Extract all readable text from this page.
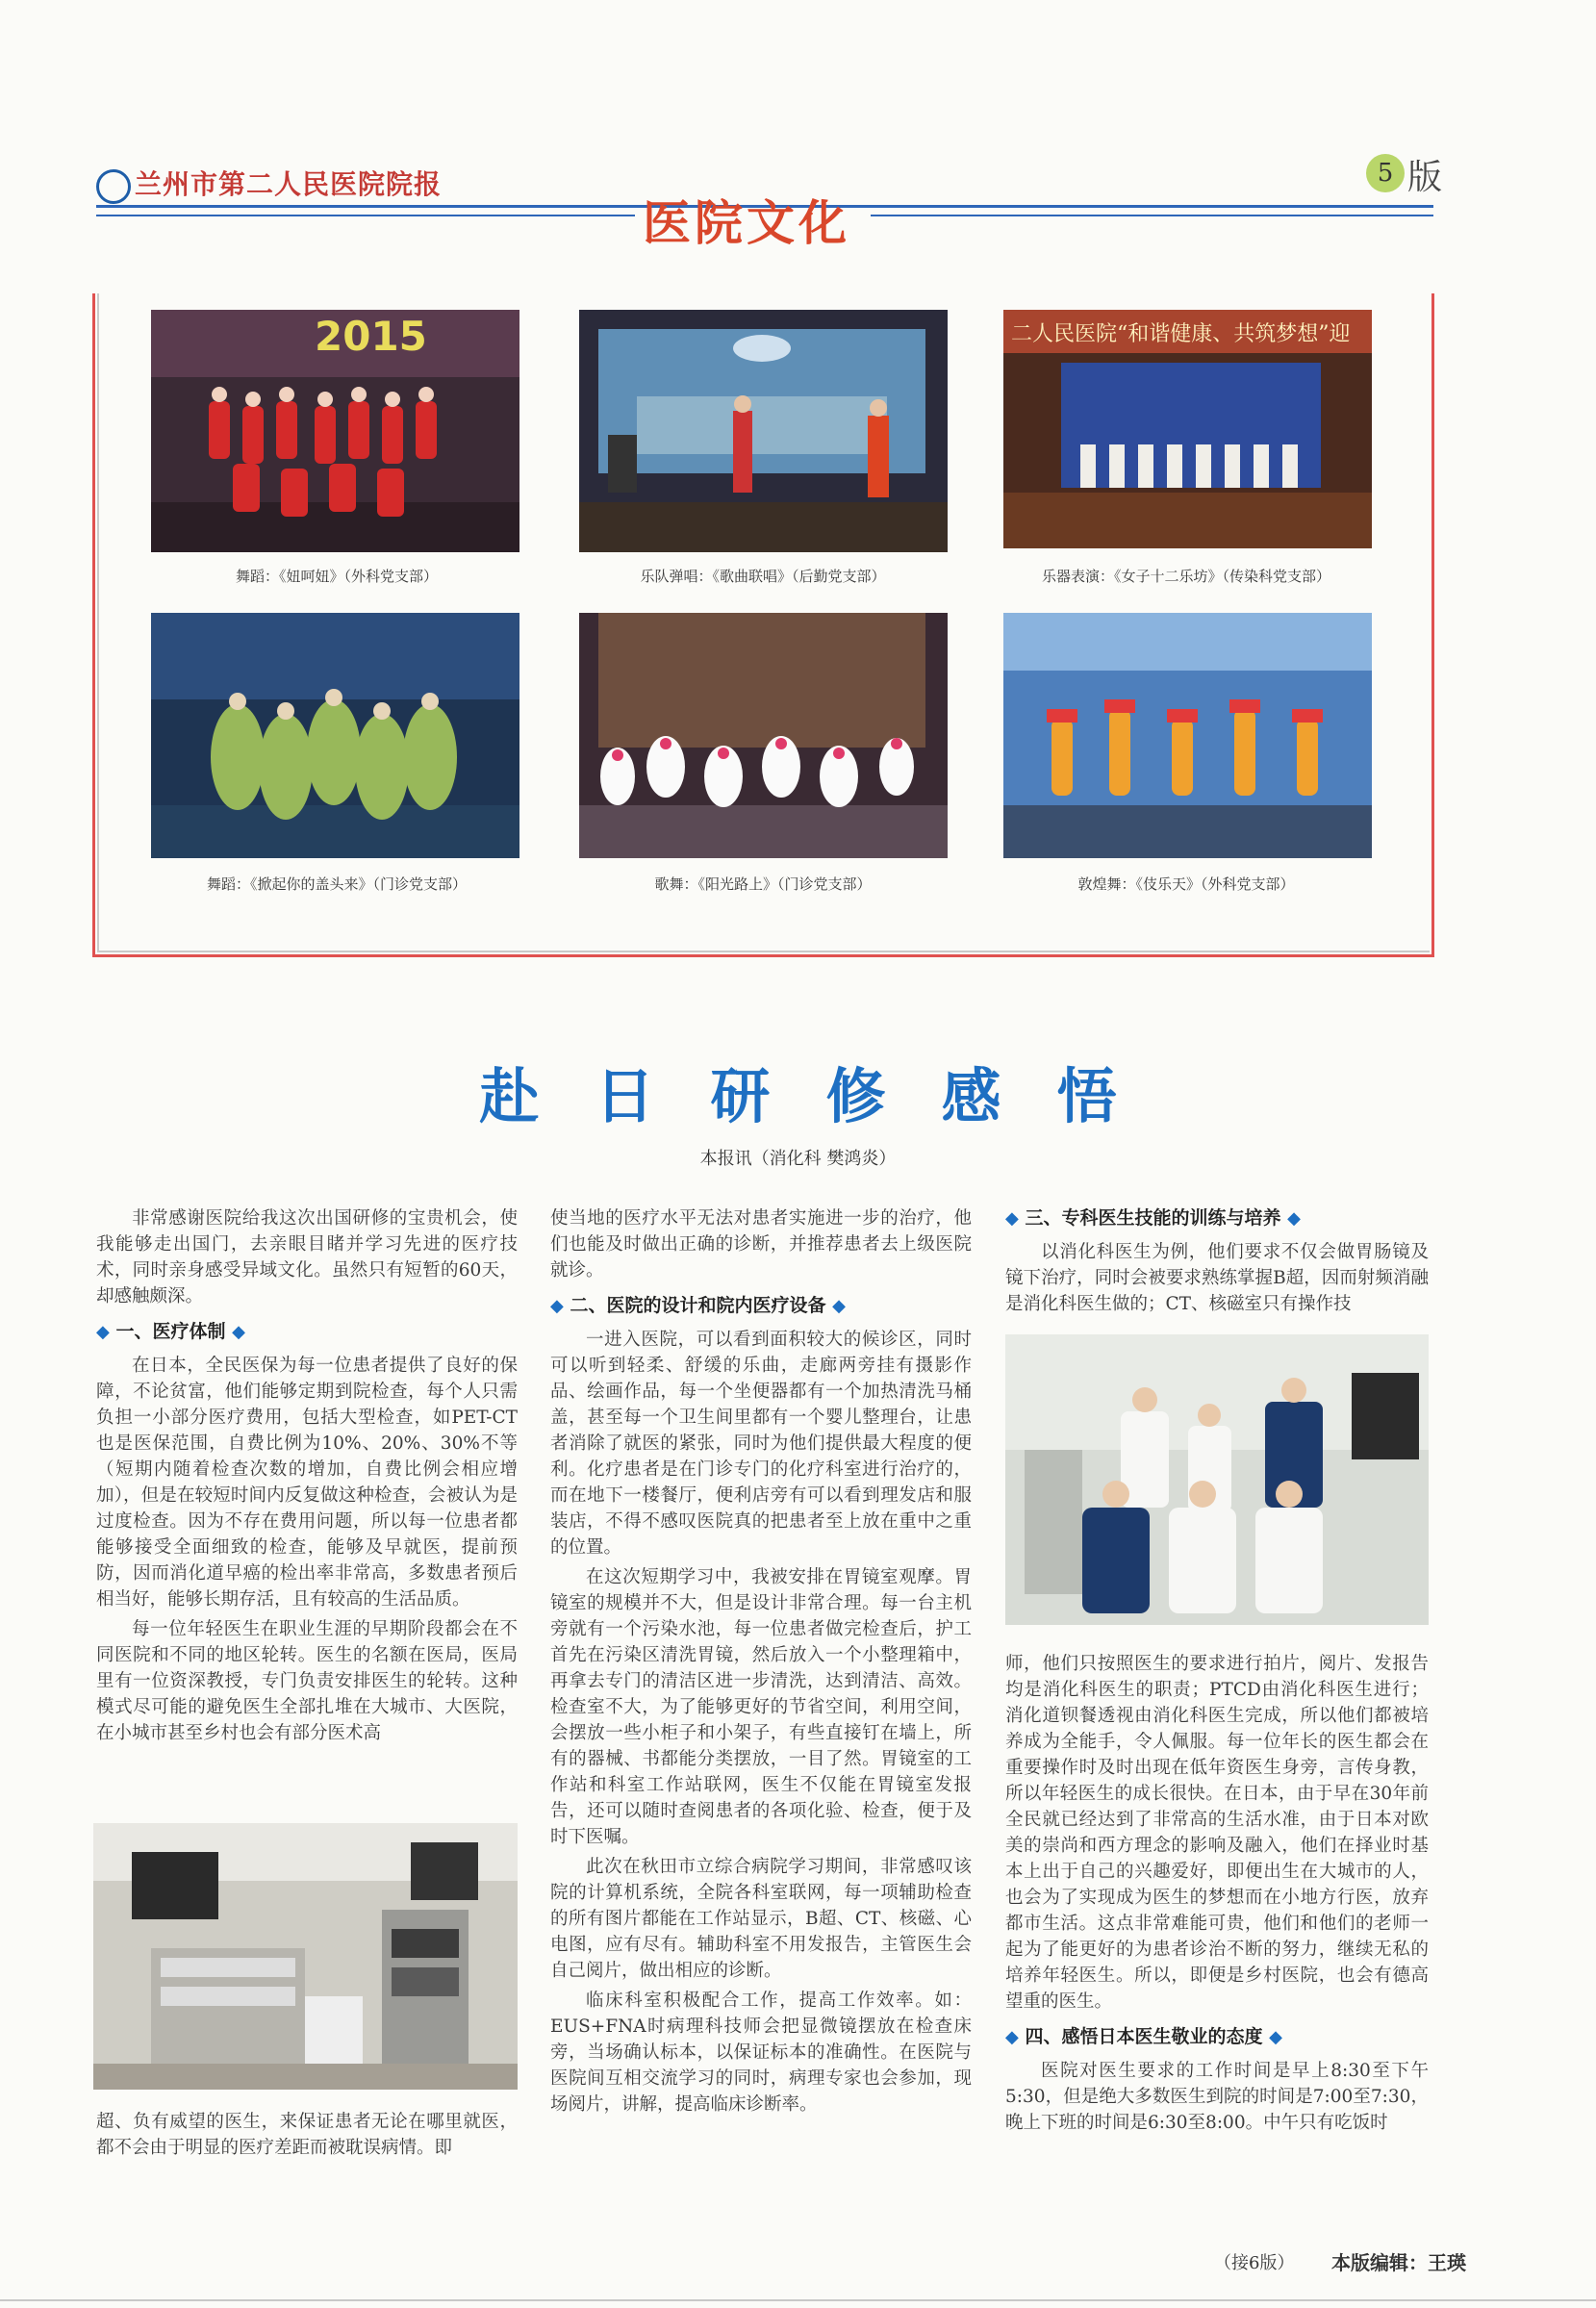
兰州市第二人民医院院报	5 版
医院文化
2015
舞蹈：《妞呵妞》（外科党支部）	乐队弹唱：《歌曲联唱》（后勤党支部）
二人民医院“和谐健康、共筑梦想”迎
乐器表演：《女子十二乐坊》（传染科党支部）
舞蹈：《掀起你的盖头来》（门诊党支部）	歌舞：《阳光路上》（门诊党支部）	敦煌舞：《伎乐天》（外科党支部）
赴日研修感悟
本报讯（消化科 樊鸿炎）

非常感谢医院给我这次出国研修的宝贵机会，使我能够走出国门，去亲眼目睹并学习先进的医疗技术，同时亲身感受异域文化。虽然只有短暂的60天，却感触颇深。

◆ 一、医疗体制 ◆

在日本，全民医保为每一位患者提供了良好的保障，不论贫富，他们能够定期到院检查，每个人只需负担一小部分医疗费用，包括大型检查，如PET-CT也是医保范围，自费比例为10%、20%、30%不等（短期内随着检查次数的增加，自费比例会相应增加），但是在较短时间内反复做这种检查，会被认为是过度检查。因为不存在费用问题，所以每一位患者都能够接受全面细致的检查，能够及早就医，提前预防，因而消化道早癌的检出率非常高，多数患者预后相当好，能够长期存活，且有较高的生活品质。

每一位年轻医生在职业生涯的早期阶段都会在不同医院和不同的地区轮转。医生的名额在医局，医局里有一位资深教授，专门负责安排医生的轮转。这种模式尽可能的避免医生全部扎堆在大城市、大医院，在小城市甚至乡村也会有部分医术高

超、负有威望的医生，来保证患者无论在哪里就医，都不会由于明显的医疗差距而被耽误病情。即

使当地的医疗水平无法对患者实施进一步的治疗，他们也能及时做出正确的诊断，并推荐患者去上级医院就诊。

◆ 二、医院的设计和院内医疗设备 ◆

一进入医院，可以看到面积较大的候诊区，同时可以听到轻柔、舒缓的乐曲，走廊两旁挂有摄影作品、绘画作品，每一个坐便器都有一个加热清洗马桶盖，甚至每一个卫生间里都有一个婴儿整理台，让患者消除了就医的紧张，同时为他们提供最大程度的便利。化疗患者是在门诊专门的化疗科室进行治疗的，而在地下一楼餐厅，便利店旁有可以看到理发店和服装店，不得不感叹医院真的把患者至上放在重中之重的位置。

在这次短期学习中，我被安排在胃镜室观摩。胃镜室的规模并不大，但是设计非常合理。每一台主机旁就有一个污染水池，每一位患者做完检查后，护工首先在污染区清洗胃镜，然后放入一个小整理箱中，再拿去专门的清洁区进一步清洗，达到清洁、高效。检查室不大，为了能够更好的节省空间，利用空间，会摆放一些小柜子和小架子，有些直接钉在墙上，所有的器械、书都能分类摆放，一目了然。胃镜室的工作站和科室工作站联网，医生不仅能在胃镜室发报告，还可以随时查阅患者的各项化验、检查，便于及时下医嘱。

此次在秋田市立综合病院学习期间，非常感叹该院的计算机系统，全院各科室联网，每一项辅助检查的所有图片都能在工作站显示，B超、CT、核磁、心电图，应有尽有。辅助科室不用发报告，主管医生会自己阅片，做出相应的诊断。

临床科室积极配合工作，提高工作效率。如：EUS+FNA时病理科技师会把显微镜摆放在检查床旁，当场确认标本，以保证标本的准确性。在医院与医院间互相交流学习的同时，病理专家也会参加，现场阅片，讲解，提高临床诊断率。

◆ 三、专科医生技能的训练与培养 ◆

以消化科医生为例，他们要求不仅会做胃肠镜及镜下治疗，同时会被要求熟练掌握B超，因而射频消融是消化科医生做的；CT、核磁室只有操作技

师，他们只按照医生的要求进行拍片，阅片、发报告均是消化科医生的职责；PTCD由消化科医生进行；消化道钡餐透视由消化科医生完成，所以他们都被培养成为全能手，令人佩服。每一位年长的医生都会在重要操作时及时出现在低年资医生身旁，言传身教，所以年轻医生的成长很快。在日本，由于早在30年前全民就已经达到了非常高的生活水准，由于日本对欧美的崇尚和西方理念的影响及融入，他们在择业时基本上出于自己的兴趣爱好，即便出生在大城市的人，也会为了实现成为医生的梦想而在小地方行医，放弃都市生活。这点非常难能可贵，他们和他们的老师一起为了能更好的为患者诊治不断的努力，继续无私的培养年轻医生。所以，即便是乡村医院，也会有德高望重的医生。

◆ 四、感悟日本医生敬业的态度 ◆

医院对医生要求的工作时间是早上8:30至下午5:30，但是绝大多数医生到院的时间是7:00至7:30，晚上下班的时间是6:30至8:00。中午只有吃饭时

（接6版） 本版编辑：王瑛
